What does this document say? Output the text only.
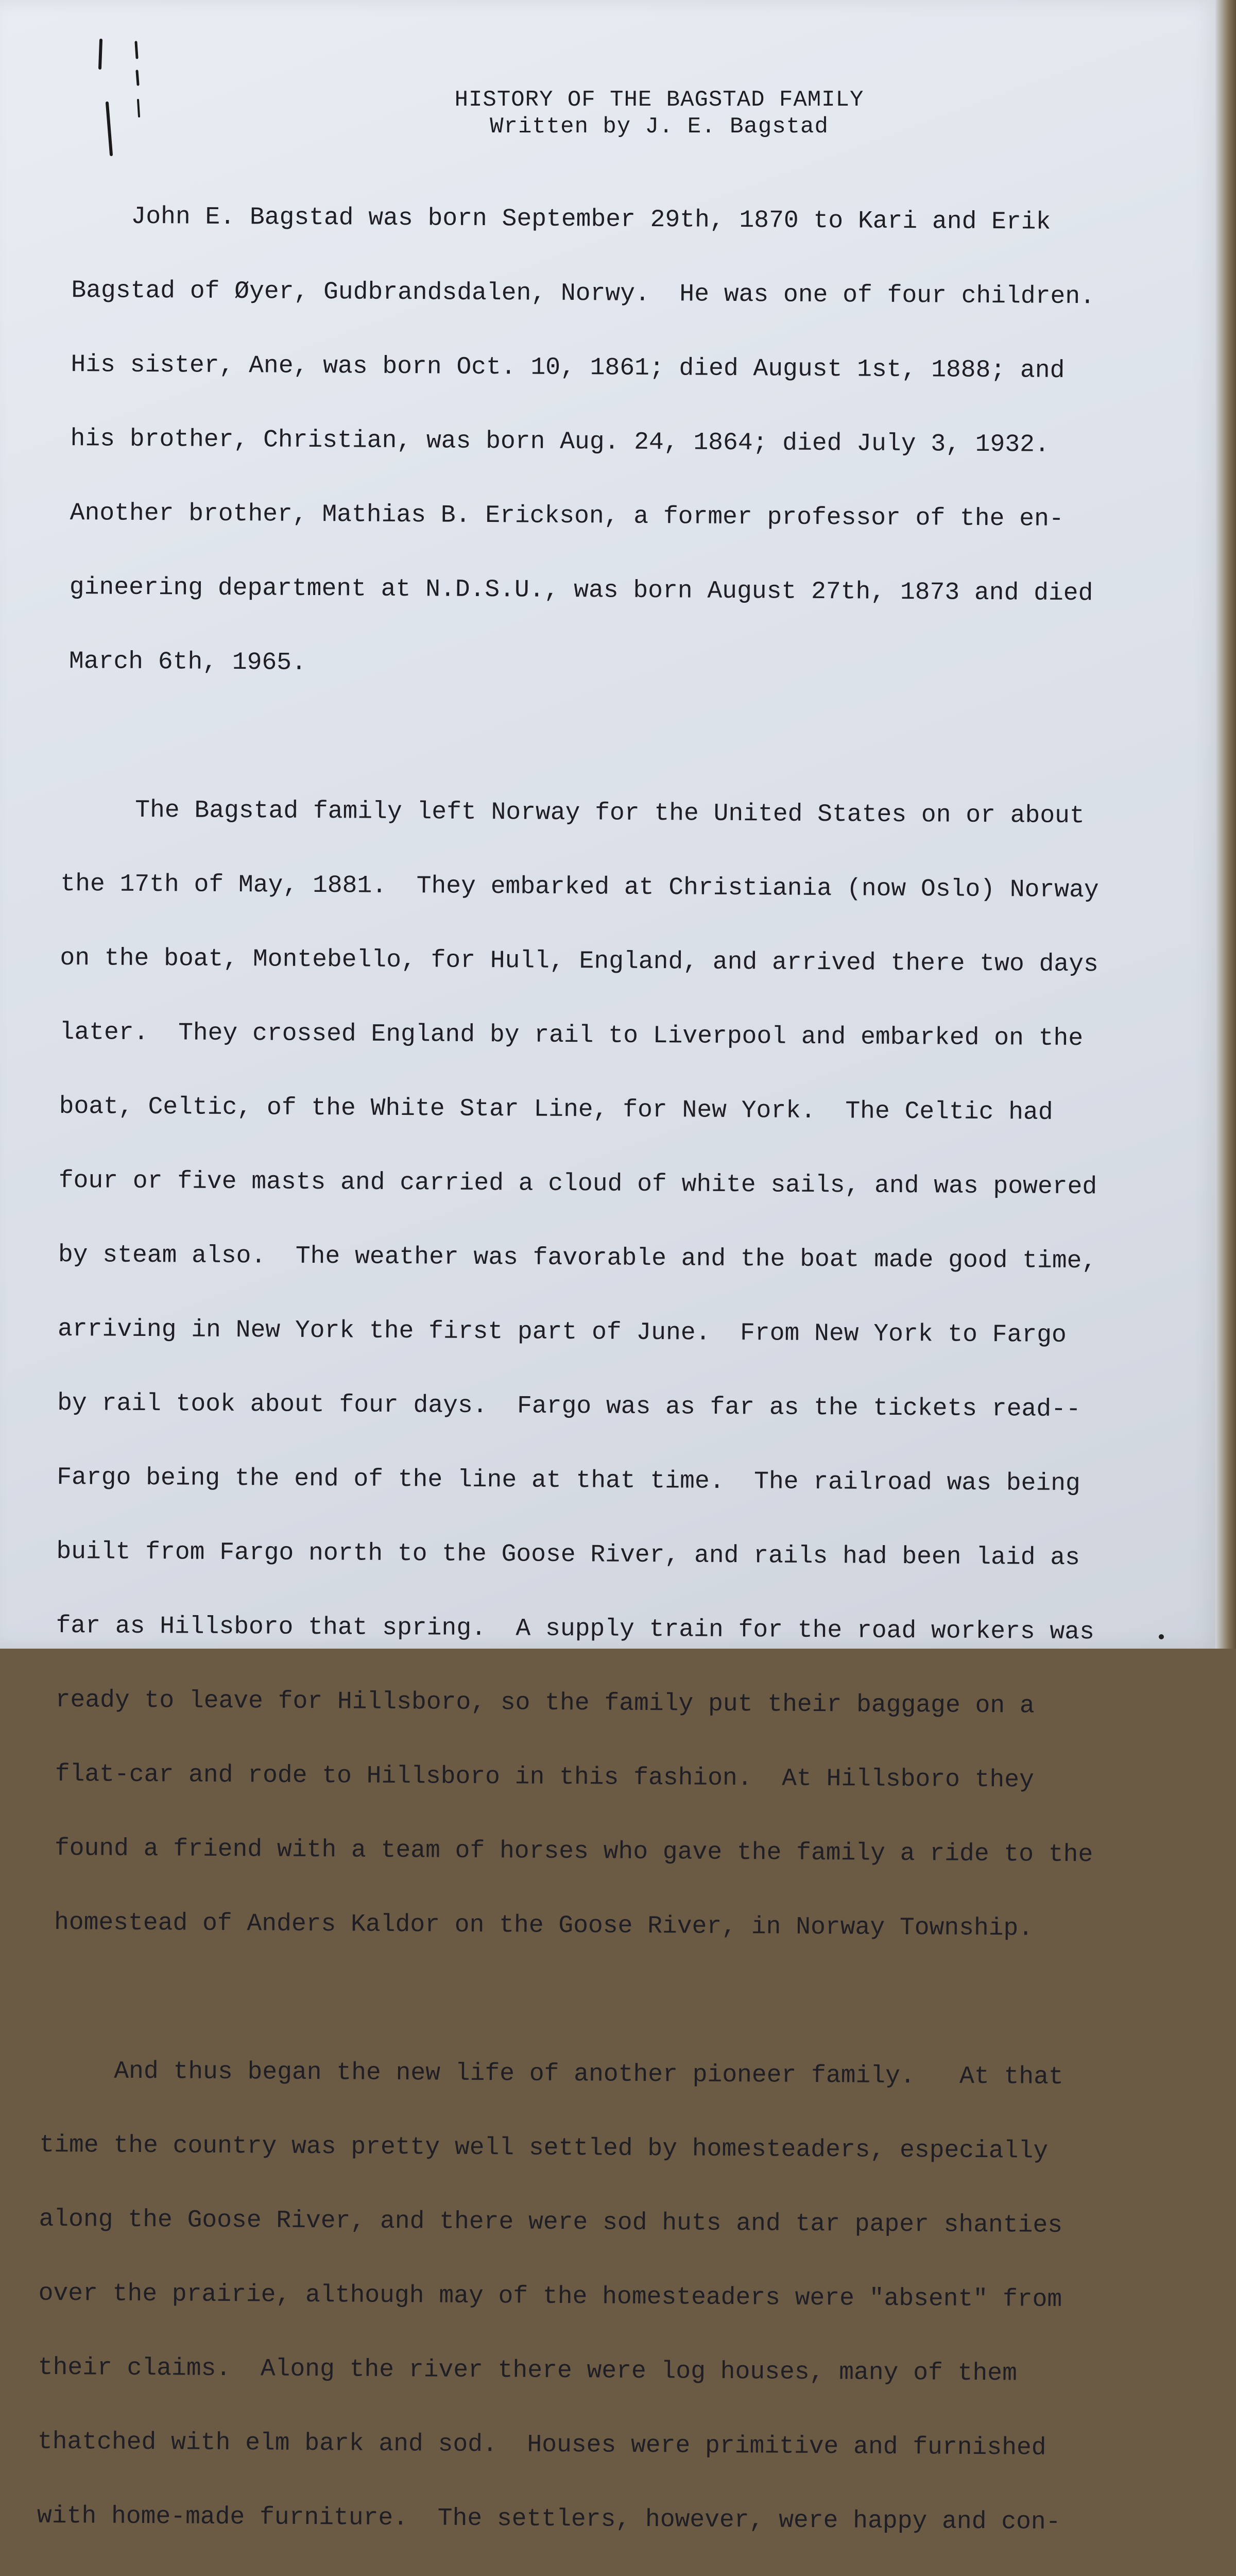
HISTORY OF THE BAGSTAD FAMILY
Written by J. E. Bagstad

John E. Bagstad was born September 29th, 1870 to Kari and Erik

Bagstad of Øyer, Gudbrandsdalen, Norwy.  He was one of four children.

His sister, Ane, was born Oct. 10, 1861; died August 1st, 1888; and

his brother, Christian, was born Aug. 24, 1864; died July 3, 1932.

Another brother, Mathias B. Erickson, a former professor of the en-

gineering department at N.D.S.U., was born August 27th, 1873 and died

March 6th, 1965.

The Bagstad family left Norway for the United States on or about

the 17th of May, 1881.  They embarked at Christiania (now Oslo) Norway

on the boat, Montebello, for Hull, England, and arrived there two days

later.  They crossed England by rail to Liverpool and embarked on the

boat, Celtic, of the White Star Line, for New York.  The Celtic had

four or five masts and carried a cloud of white sails, and was powered

by steam also.  The weather was favorable and the boat made good time,

arriving in New York the first part of June.  From New York to Fargo

by rail took about four days.  Fargo was as far as the tickets read--

Fargo being the end of the line at that time.  The railroad was being

built from Fargo north to the Goose River, and rails had been laid as

far as Hillsboro that spring.  A supply train for the road workers was

ready to leave for Hillsboro, so the family put their baggage on a

flat-car and rode to Hillsboro in this fashion.  At Hillsboro they

found a friend with a team of horses who gave the family a ride to the

homestead of Anders Kaldor on the Goose River, in Norway Township.

And thus began the new life of another pioneer family.   At that

time the country was pretty well settled by homesteaders, especially

along the Goose River, and there were sod huts and tar paper shanties

over the prairie, although may of the homesteaders were "absent" from

their claims.  Along the river there were log houses, many of them

thatched with elm bark and sod.  Houses were primitive and furnished

with home-made furniture.  The settlers, however, were happy and con-
